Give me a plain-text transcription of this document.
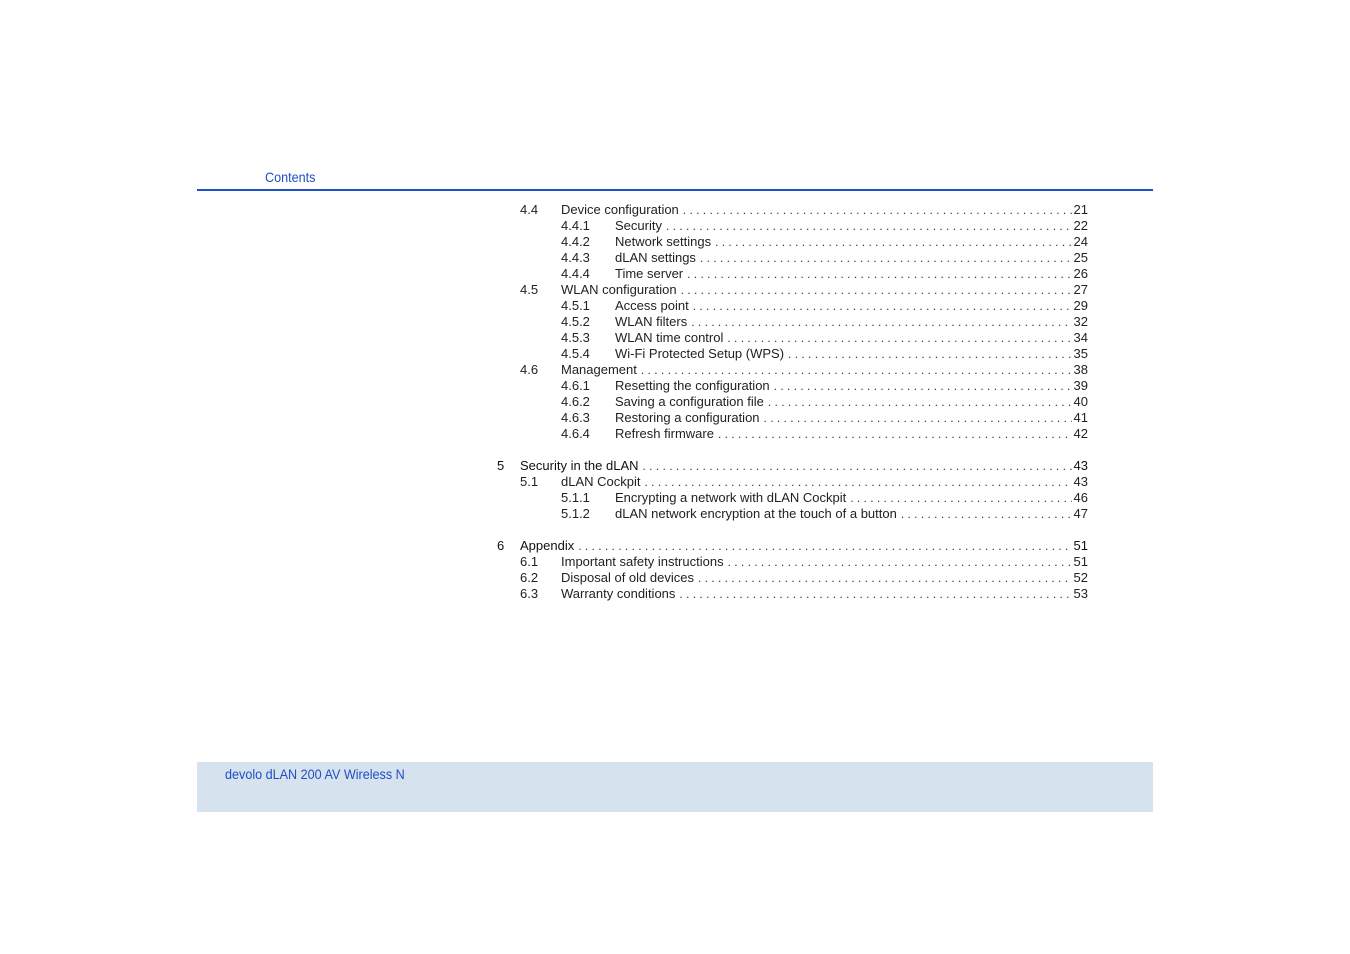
Contents
4.4 Device configuration . . .	21
4.4.1 Security . . .	22
4.4.2 Network settings . . .	24
4.4.3 dLAN settings . . .	25
4.4.4 Time server . . .	26
4.5 WLAN configuration . . .	27
4.5.1 Access point . . .	29
4.5.2 WLAN filters . . .	32
4.5.3 WLAN time control . . .	34
4.5.4 Wi-Fi Protected Setup (WPS) . . .	35
4.6 Management . . .	38
4.6.1 Resetting the configuration . . .	39
4.6.2 Saving a configuration file . . .	40
4.6.3 Restoring a configuration . . .	41
4.6.4 Refresh firmware . . .	42
5 Security in the dLAN . . .	43
5.1 dLAN Cockpit . . .	43
5.1.1 Encrypting a network with dLAN Cockpit . . .	46
5.1.2 dLAN network encryption at the touch of a button . . .	47
6 Appendix . . .	51
6.1 Important safety instructions . . .	51
6.2 Disposal of old devices . . .	52
6.3 Warranty conditions . . .	53
devolo dLAN 200 AV Wireless N
